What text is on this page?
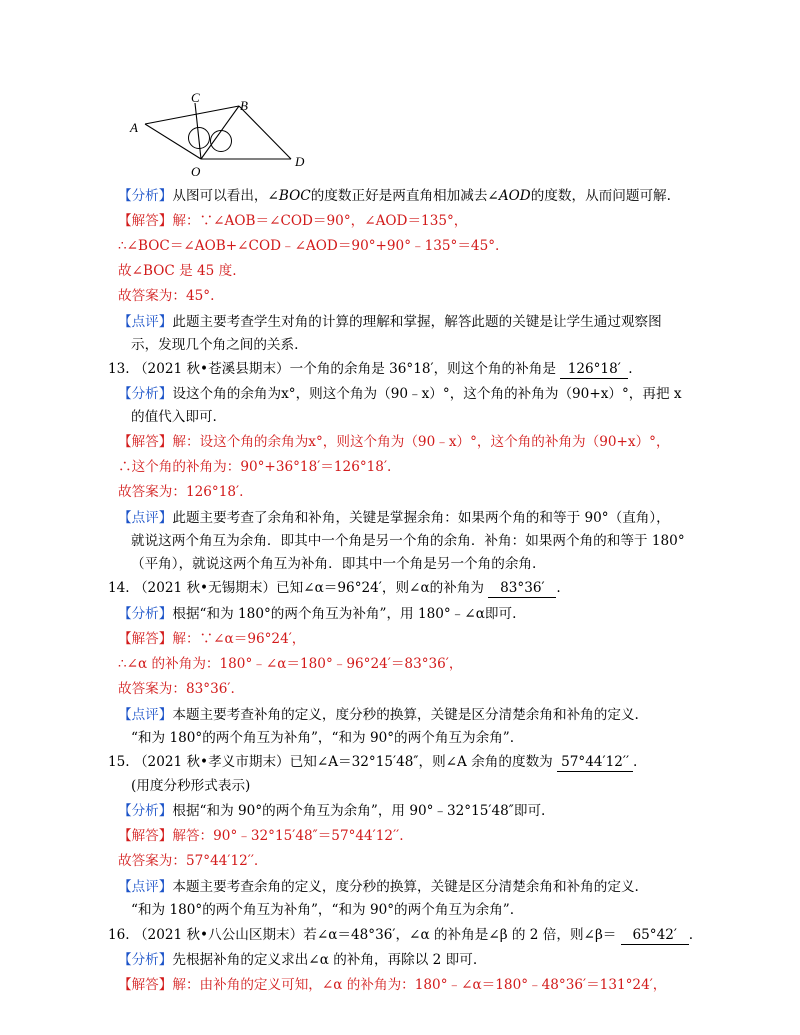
A
C
B
D
O
【分析】从图可以看出，∠BOC的度数正好是两直角相加减去∠AOD的度数，从而问题可解.
【解答】解：∵∠AOB＝∠COD＝90°，∠AOD＝135°，
∴∠BOC＝∠AOB+∠COD﹣∠AOD＝90°+90°﹣135°＝45°.
故∠BOC 是 45 度.
故答案为：45°.
【点评】此题主要考查学生对角的计算的理解和掌握，解答此题的关键是让学生通过观察图
示，发现几个角之间的关系.
13. （2021 秋•苍溪县期末）一个角的余角是 36°18′，则这个角的补角是 126°18′ .
【分析】设这个角的余角为x°，则这个角为（90﹣x）°，这个角的补角为（90+x）°，再把 x
的值代入即可.
【解答】解：设这个角的余角为x°，则这个角为（90﹣x）°，这个角的补角为（90+x）°，
∴这个角的补角为：90°+36°18′＝126°18′.
故答案为：126°18′.
【点评】此题主要考查了余角和补角，关键是掌握余角：如果两个角的和等于 90°（直角），
就说这两个角互为余角．即其中一个角是另一个角的余角．补角：如果两个角的和等于 180°
（平角），就说这两个角互为补角．即其中一个角是另一个角的余角.
14. （2021 秋•无锡期末）已知∠α＝96°24′，则∠α的补角为 83°36′ .
【分析】根据“和为 180°的两个角互为补角”，用 180°﹣∠α即可.
【解答】解：∵∠α＝96°24′，
∴∠α 的补角为：180°﹣∠α＝180°﹣96°24′＝83°36′，
故答案为：83°36′.
【点评】本题主要考查补角的定义，度分秒的换算，关键是区分清楚余角和补角的定义.
“和为 180°的两个角互为补角”，“和为 90°的两个角互为余角”.
15. （2021 秋•孝义市期末）已知∠A＝32°15′48″，则∠A 余角的度数为 57°44′12′′ .
(用度分秒形式表示)
【分析】根据“和为 90°的两个角互为余角”，用 90°﹣32°15′48″即可.
【解答】解答：90°﹣32°15′48″＝57°44′12′′.
故答案为：57°44′12′′.
【点评】本题主要考查余角的定义，度分秒的换算，关键是区分清楚余角和补角的定义.
“和为 180°的两个角互为补角”，“和为 90°的两个角互为余角”.
16. （2021 秋•八公山区期末）若∠α＝48°36′，∠α 的补角是∠β 的 2 倍，则∠β＝ 65°42′ .
【分析】先根据补角的定义求出∠α 的补角，再除以 2 即可.
【解答】解：由补角的定义可知，∠α 的补角为：180°﹣∠α＝180°﹣48°36′＝131°24′，
